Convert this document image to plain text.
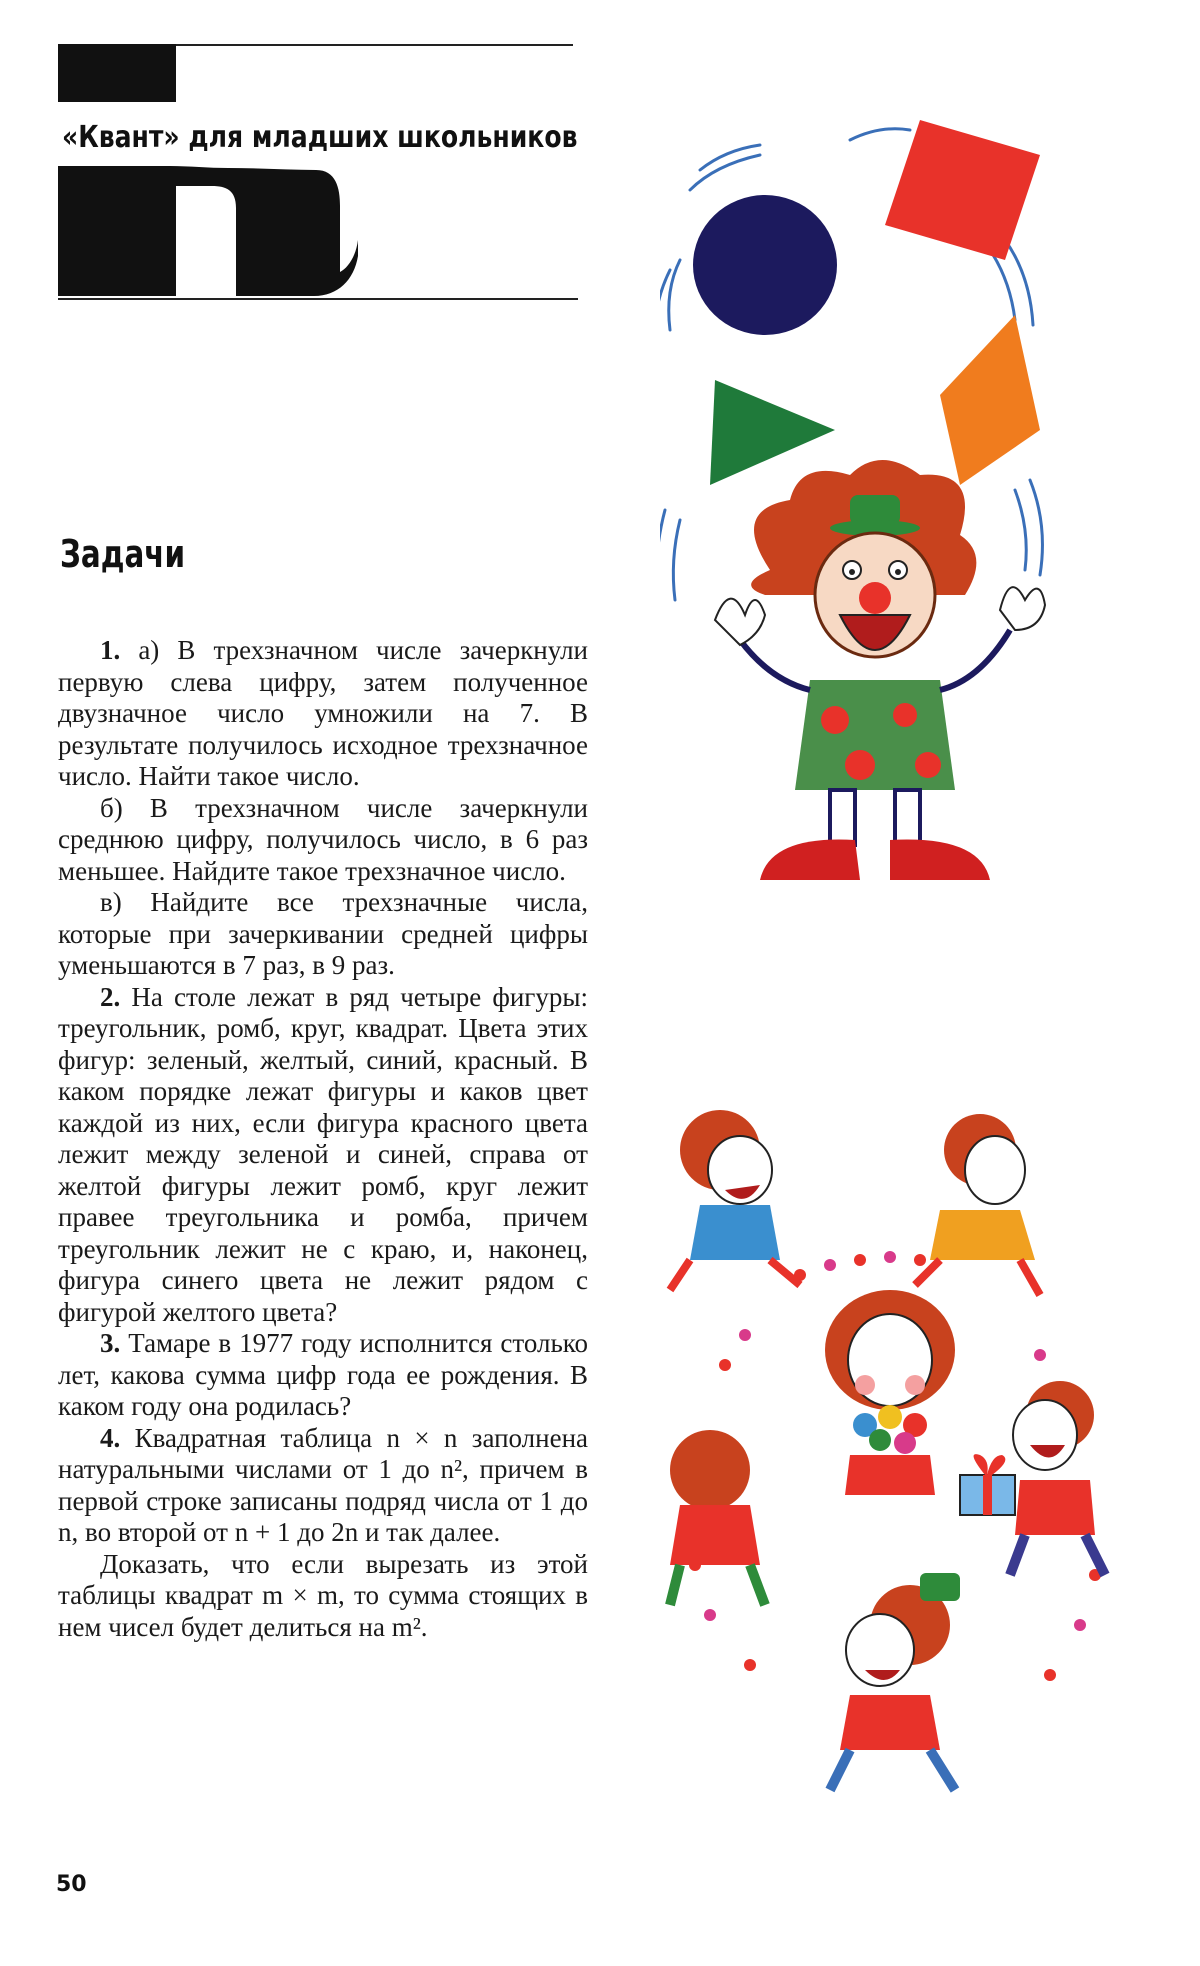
«Квант» для младших школьников
Задачи

1. а) В трехзначном числе зачеркнули первую слева цифру, затем полученное двузначное число умножили на 7. В результате получилось исходное трехзначное число. Найти такое число.

б) В трехзначном числе зачеркнули среднюю цифру, получилось число, в 6 раз меньшее. Найдите такое трехзначное число.

в) Найдите все трехзначные числа, которые при зачеркивании средней цифры уменьшаются в 7 раз, в 9 раз.

2. На столе лежат в ряд четыре фигуры: треугольник, ромб, круг, квадрат. Цвета этих фигур: зеленый, желтый, синий, красный. В каком порядке лежат фигуры и каков цвет каждой из них, если фигура красного цвета лежит между зеленой и синей, справа от желтой фигуры лежит ромб, круг лежит правее треугольника и ромба, причем треугольник лежит не с краю, и, наконец, фигура синего цвета не лежит рядом с фигурой желтого цвета?

3. Тамаре в 1977 году исполнится столько лет, какова сумма цифр года ее рождения. В каком году она родилась?

4. Квадратная таблица n × n заполнена натуральными числами от 1 до n², причем в первой строке записаны подряд числа от 1 до n, во второй от n + 1 до 2n и так далее.

Доказать, что если вырезать из этой таблицы квадрат m × m, то сумма стоящих в нем чисел будет делиться на m².

50
